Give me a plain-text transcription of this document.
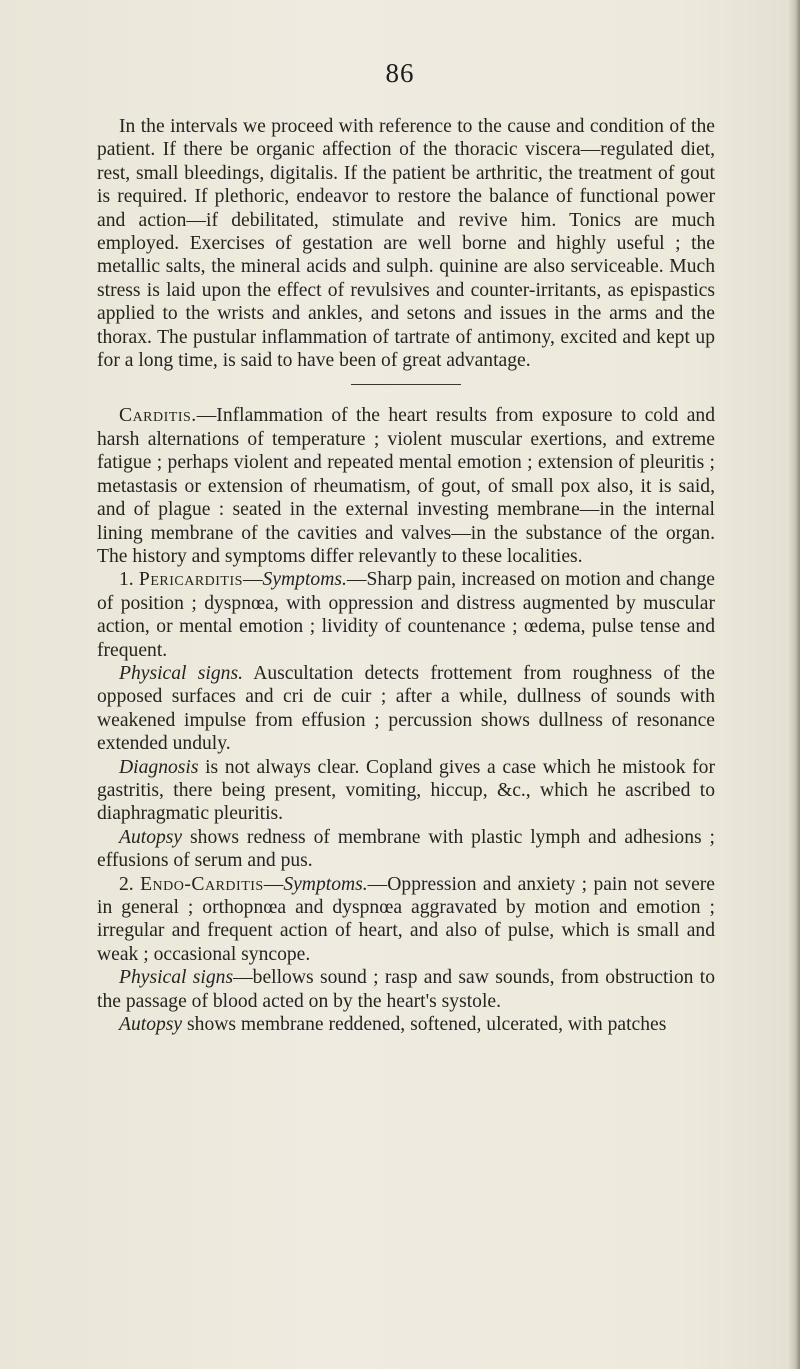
86

In the intervals we proceed with reference to the cause and condition of the patient. If there be organic affection of the thoracic viscera—regulated diet, rest, small bleedings, digitalis. If the patient be arthritic, the treatment of gout is required. If plethoric, endeavor to restore the balance of functional power and action—if debilitated, stimulate and revive him. Tonics are much employed. Exercises of gestation are well borne and highly useful ; the metallic salts, the mineral acids and sulph. quinine are also serviceable. Much stress is laid upon the effect of revulsives and counter-irritants, as epispastics applied to the wrists and ankles, and setons and issues in the arms and the thorax. The pustular inflammation of tartrate of antimony, excited and kept up for a long time, is said to have been of great advantage.

Carditis.—Inflammation of the heart results from exposure to cold and harsh alternations of temperature ; violent muscular exertions, and extreme fatigue ; perhaps violent and repeated mental emotion ; extension of pleuritis ; metastasis or extension of rheumatism, of gout, of small pox also, it is said, and of plague : seated in the external investing membrane—in the internal lining membrane of the cavities and valves—in the substance of the organ. The history and symptoms differ relevantly to these localities.

1. Pericarditis—Symptoms.—Sharp pain, increased on motion and change of position ; dyspnœa, with oppression and distress augmented by muscular action, or mental emotion ; lividity of countenance ; œdema, pulse tense and frequent.

Physical signs. Auscultation detects frottement from roughness of the opposed surfaces and cri de cuir ; after a while, dullness of sounds with weakened impulse from effusion ; percussion shows dullness of resonance extended unduly.

Diagnosis is not always clear. Copland gives a case which he mistook for gastritis, there being present, vomiting, hiccup, &c., which he ascribed to diaphragmatic pleuritis.

Autopsy shows redness of membrane with plastic lymph and adhesions ; effusions of serum and pus.

2. Endo-Carditis—Symptoms.—Oppression and anxiety ; pain not severe in general ; orthopnœa and dyspnœa aggravated by motion and emotion ; irregular and frequent action of heart, and also of pulse, which is small and weak ; occasional syncope.

Physical signs—bellows sound ; rasp and saw sounds, from obstruction to the passage of blood acted on by the heart's systole.

Autopsy shows membrane reddened, softened, ulcerated, with patches
